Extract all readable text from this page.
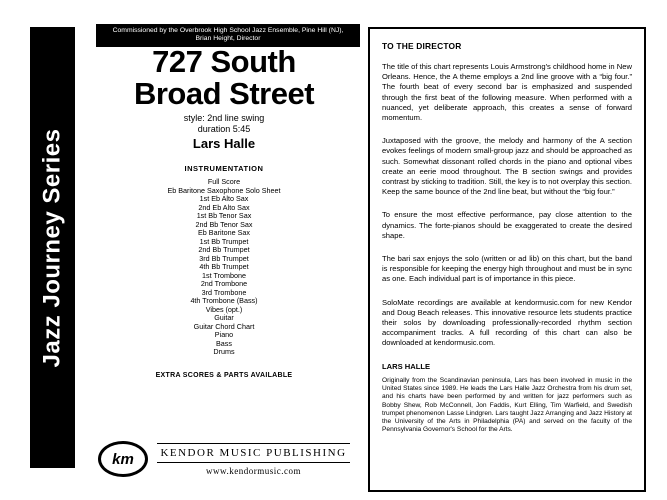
Jazz Journey Series
Commissioned by the Overbrook High School Jazz Ensemble, Pine Hill (NJ),
Brian Height, Director
727 South
Broad Street
style: 2nd line swing
duration 5:45
Lars Halle
INSTRUMENTATION
Full Score
Eb Baritone Saxophone Solo Sheet
1st Eb Alto Sax
2nd Eb Alto Sax
1st Bb Tenor Sax
2nd Bb Tenor Sax
Eb Baritone Sax
1st Bb Trumpet
2nd Bb Trumpet
3rd Bb Trumpet
4th Bb Trumpet
1st Trombone
2nd Trombone
3rd Trombone
4th Trombone (Bass)
Vibes (opt.)
Guitar
Guitar Chord Chart
Piano
Bass
Drums
EXTRA SCORES & PARTS AVAILABLE
km	KENDOR MUSIC PUBLISHING
www.kendormusic.com
TO THE DIRECTOR

The title of this chart represents Louis Armstrong's childhood home in New Orleans. Hence, the A theme employs a 2nd line groove with a “big four.” The fourth beat of every second bar is emphasized and suspended through the first beat of the following measure. When performed with a nuanced, yet deliberate approach, this creates a sense of forward momentum.

Juxtaposed with the groove, the melody and harmony of the A section evokes feelings of modern small-group jazz and should be approached as such. Somewhat dissonant rolled chords in the piano and optional vibes create an eerie mood throughout. The B section swings and provides contrast by sticking to tradition. Still, the key is to not overplay this section. Keep the same bounce of the 2nd line beat, but without the “big four.”

To ensure the most effective performance, pay close attention to the dynamics. The forte-pianos should be exaggerated to create the desired shape.

The bari sax enjoys the solo (written or ad lib) on this chart, but the band is responsible for keeping the energy high throughout and must be in sync as one. Each individual part is of importance in this piece.

SoloMate recordings are available at kendormusic.com for new Kendor and Doug Beach releases. This innovative resource lets students practice their solos by downloading professionally-recorded rhythm section accompaniment tracks. A full recording of this chart can also be downloaded at kendormusic.com.

LARS HALLE

Originally from the Scandinavian peninsula, Lars has been involved in music in the United States since 1989. He leads the Lars Halle Jazz Orchestra from his drum set, and his charts have been performed by and written for jazz performers such as Bobby Shew, Rob McConnell, Jon Faddis, Kurt Elling, Tim Warfield, and Swedish trumpet phenomenon Lasse Lindgren. Lars taught Jazz Arranging and Jazz History at the University of the Arts in Philadelphia (PA) and served on the faculty of the Pennsylvania Governor's School for the Arts.
